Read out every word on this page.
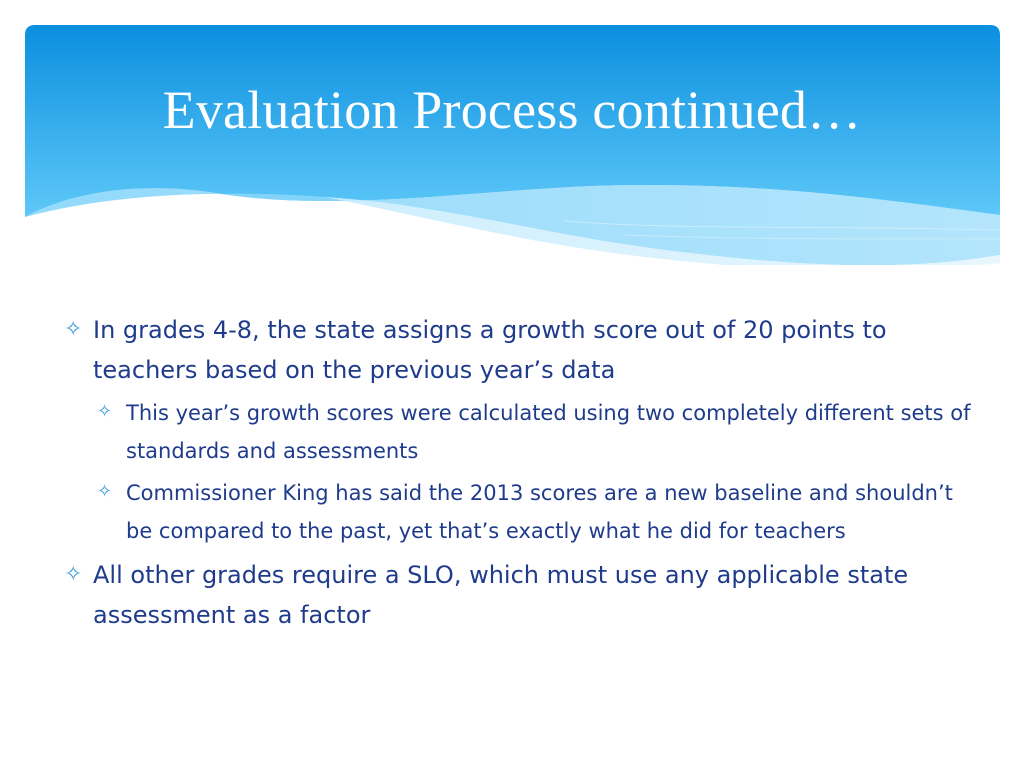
Evaluation Process continued…
✧ In grades 4-8, the state assigns a growth score out of 20 points to teachers based on the previous year’s data
✧ This year’s growth scores were calculated using two completely different sets of standards and assessments
✧ Commissioner King has said the 2013 scores are a new baseline and shouldn’t be compared to the past, yet that’s exactly what he did for teachers
✧ All other grades require a SLO, which must use any applicable state assessment as a factor
